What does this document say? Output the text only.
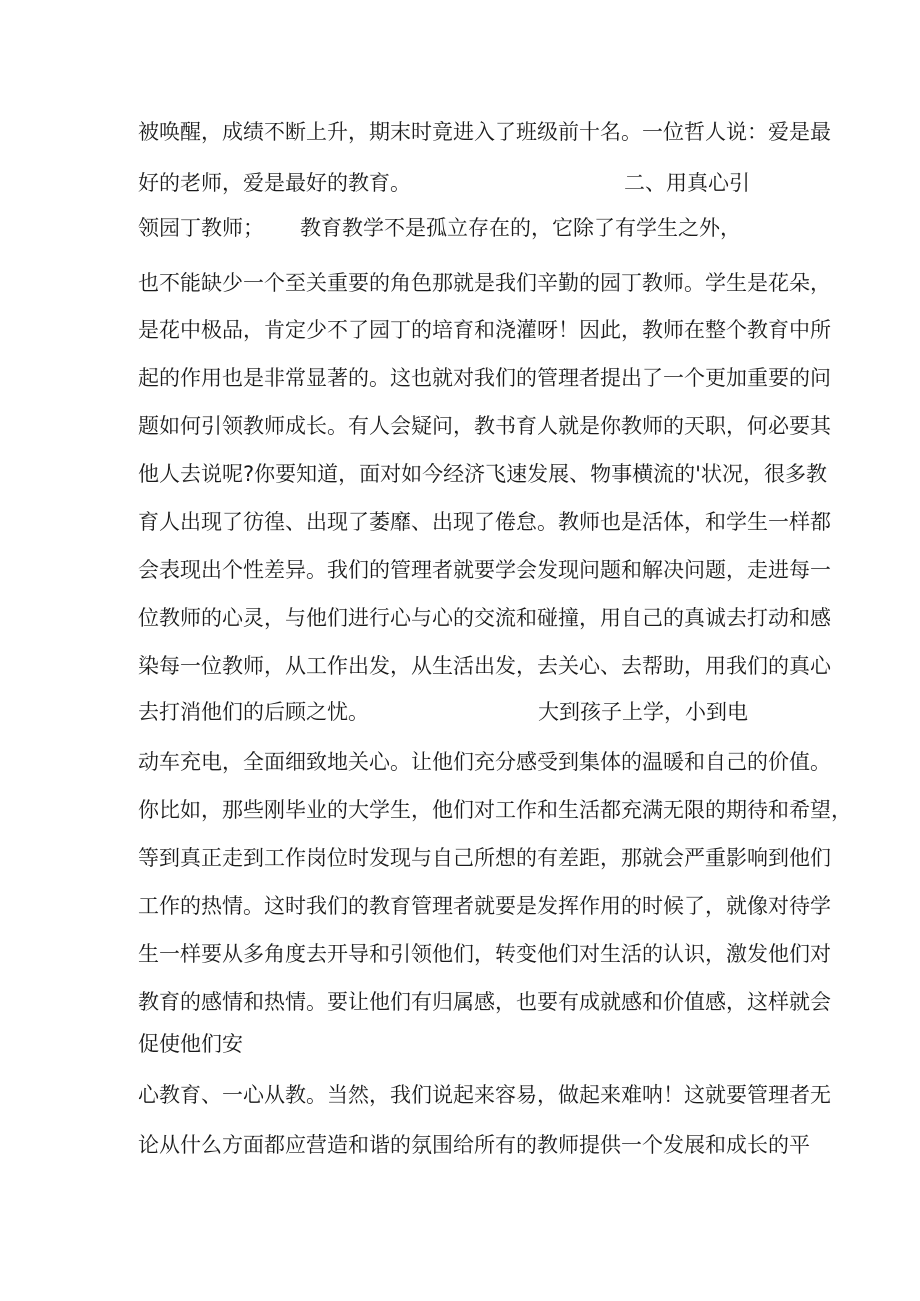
被 唤 醒 ， 成 绩 不 断 上 升 ， 期 末 时 竟 进 入 了 班 级 前 十 名 。 一 位 哲 人 说 ： 爱 是 最
好的老师，爱是最好的教育。	二、用真心引
领园丁教师；	教育教学不是孤立存在的，它除了有学生之外，
也 不 能 缺 少 一 个 至 关 重 要 的 角 色 那 就 是 我 们 辛 勤 的 园 丁 教 师 。 学 生 是 花 朵 ，
是 花 中 极 品 ， 肯 定 少 不 了 园 丁 的 培 育 和 浇 灌 呀 ！ 因 此 ， 教 师 在 整 个 教 育 中 所
起 的 作 用 也 是 非 常 显 著 的 。 这 也 就 对 我 们 的 管 理 者 提 出 了 一 个 更 加 重 要 的 问
题 如 何 引 领 教 师 成 长 。 有 人 会 疑 问 ， 教 书 育 人 就 是 你 教 师 的 天 职 ， 何 必 要 其
他 人 去 说 呢 ? 你 要 知 道 ， 面 对 如 今 经 济 飞 速 发 展 、 物 事 横 流 的 ' 状 况 ， 很 多 教
育 人 出 现 了 彷 徨 、 出 现 了 萎 靡 、 出 现 了 倦 怠 。 教 师 也 是 活 体 ， 和 学 生 一 样 都
会 表 现 出 个 性 差 异 。 我 们 的 管 理 者 就 要 学 会 发 现 问 题 和 解 决 问 题 ， 走 进 每 一
位 教 师 的 心 灵 ， 与 他 们 进 行 心 与 心 的 交 流 和 碰 撞 ， 用 自 己 的 真 诚 去 打 动 和 感
染 每 一 位 教 师 ， 从 工 作 出 发 ， 从 生 活 出 发 ， 去 关 心 、 去 帮 助 ， 用 我 们 的 真 心
去打消他们的后顾之忧。	大到孩子上学，小到电
动 车 充 电 ， 全 面 细 致 地 关 心 。 让 他 们 充 分 感 受 到 集 体 的 温 暖 和 自 己 的 价 值 。
你 比 如 ， 那 些 刚 毕 业 的 大 学 生 ， 他 们 对 工 作 和 生 活 都 充 满 无 限 的 期 待 和 希 望 ，
等 到 真 正 走 到 工 作 岗 位 时 发 现 与 自 己 所 想 的 有 差 距 ， 那 就 会 严 重 影 响 到 他 们
工 作 的 热 情 。 这 时 我 们 的 教 育 管 理 者 就 要 是 发 挥 作 用 的 时 候 了 ， 就 像 对 待 学
生 一 样 要 从 多 角 度 去 开 导 和 引 领 他 们 ， 转 变 他 们 对 生 活 的 认 识 ， 激 发 他 们 对
教 育 的 感 情 和 热 情 。 要 让 他 们 有 归 属 感 ， 也 要 有 成 就 感 和 价 值 感 ， 这 样 就 会
促使他们安
心 教 育 、 一 心 从 教 。 当 然 ， 我 们 说 起 来 容 易 ， 做 起 来 难 呐 ！ 这 就 要 管 理 者 无
论 从 什 么 方 面 都 应 营 造 和 谐 的 氛 围 给 所 有 的 教 师 提 供 一 个 发 展 和 成 长 的 平
